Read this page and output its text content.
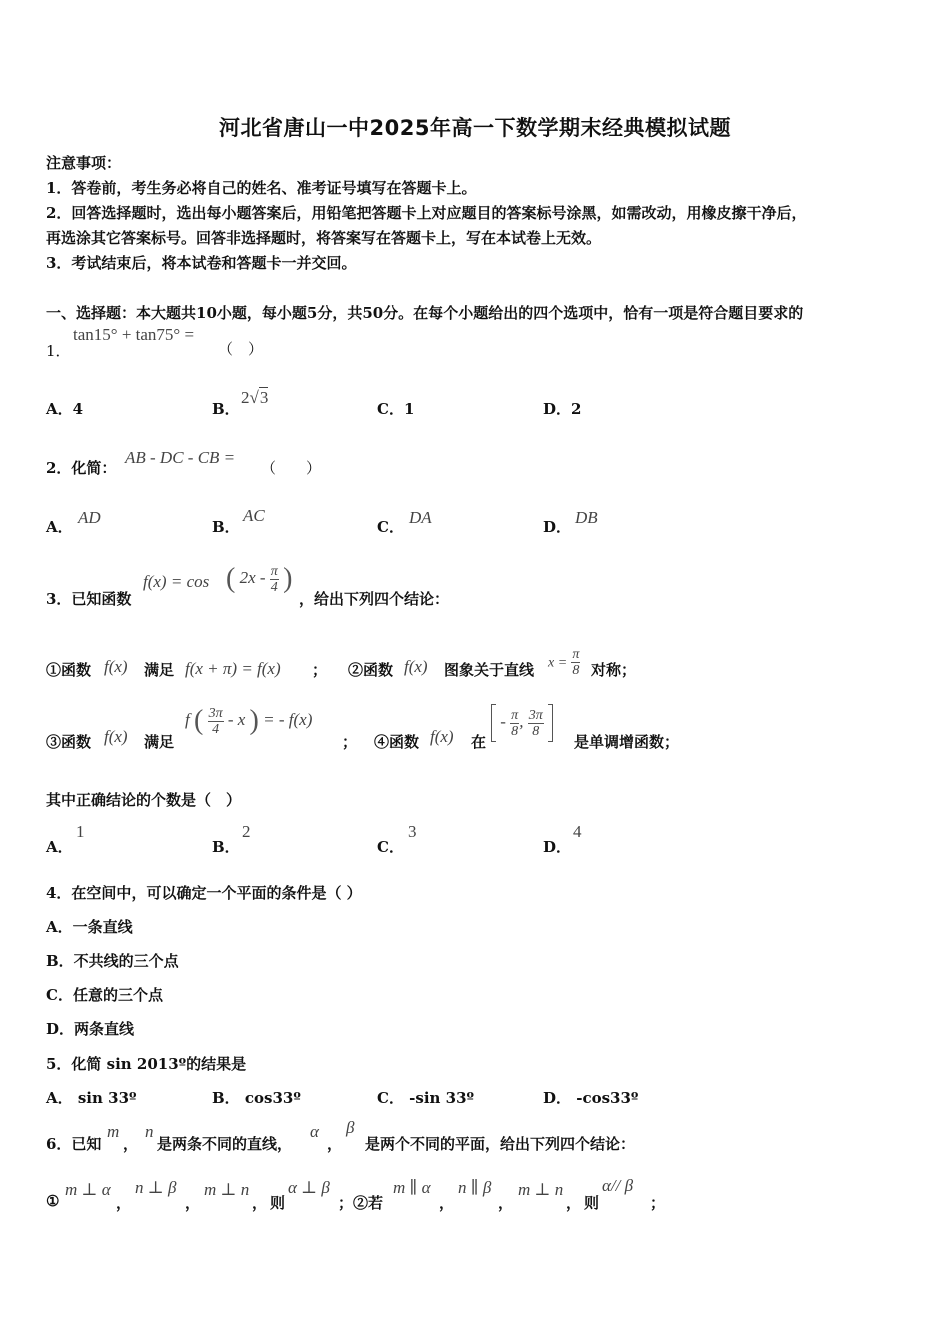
河北省唐山一中2025年高一下数学期末经典模拟试题
注意事项：
1．答卷前，考生务必将自己的姓名、准考证号填写在答题卡上。
2．回答选择题时，选出每小题答案后，用铅笔把答题卡上对应题目的答案标号涂黑，如需改动，用橡皮擦干净后，
再选涂其它答案标号。回答非选择题时，将答案写在答题卡上，写在本试卷上无效。
3．考试结束后，将本试卷和答题卡一并交回。
一、选择题：本大题共10小题，每小题5分，共50分。在每个小题给出的四个选项中，恰有一项是符合题目要求的
1．
tan15° + tan75° =
（　）
A．4	B．
2√3
C．1	D．2
2．化简：
AB - DC - CB =
（　　）
A． AD	B．
AC
C． DA	D． DB
3．已知函数
f(x) = cos ( $2x - \frac{\pi}{4}$ )
，给出下列四个结论：
①函数 f(x) 满足 f(x + π) = f(x) ； ②函数 f(x) 图象关于直线 $x = \frac{\pi}{8}$ 对称；
③函数 f(x) 满足
f ( $\frac{3\pi}{4}$ - x ) = - f(x)
； ④函数 f(x) 在
- $\frac{\pi}{8}$ , $\frac{3\pi}{8}$

是单调增函数；
其中正确结论的个数是（　）
A．
1
B．
2
C．
3
D．
4
4．在空间中，可以确定一个平面的条件是（ ）
A．一条直线
B．不共线的三个点
C．任意的三个点
D．两条直线
5．化简 sin 2013º的结果是
A． sin 33º	B． cos33º	C． -sin 33º	D． -cos33º
6．已知
m
，
n
是两条不同的直线，
α
，
β
是两个不同的平面，给出下列四个结论：
①
m ⊥ α
，
n ⊥ β
，
m ⊥ n
， 则
α ⊥ β
；②若
m ∥ α
，
n ∥ β
，
m ⊥ n
， 则
α// β
；
